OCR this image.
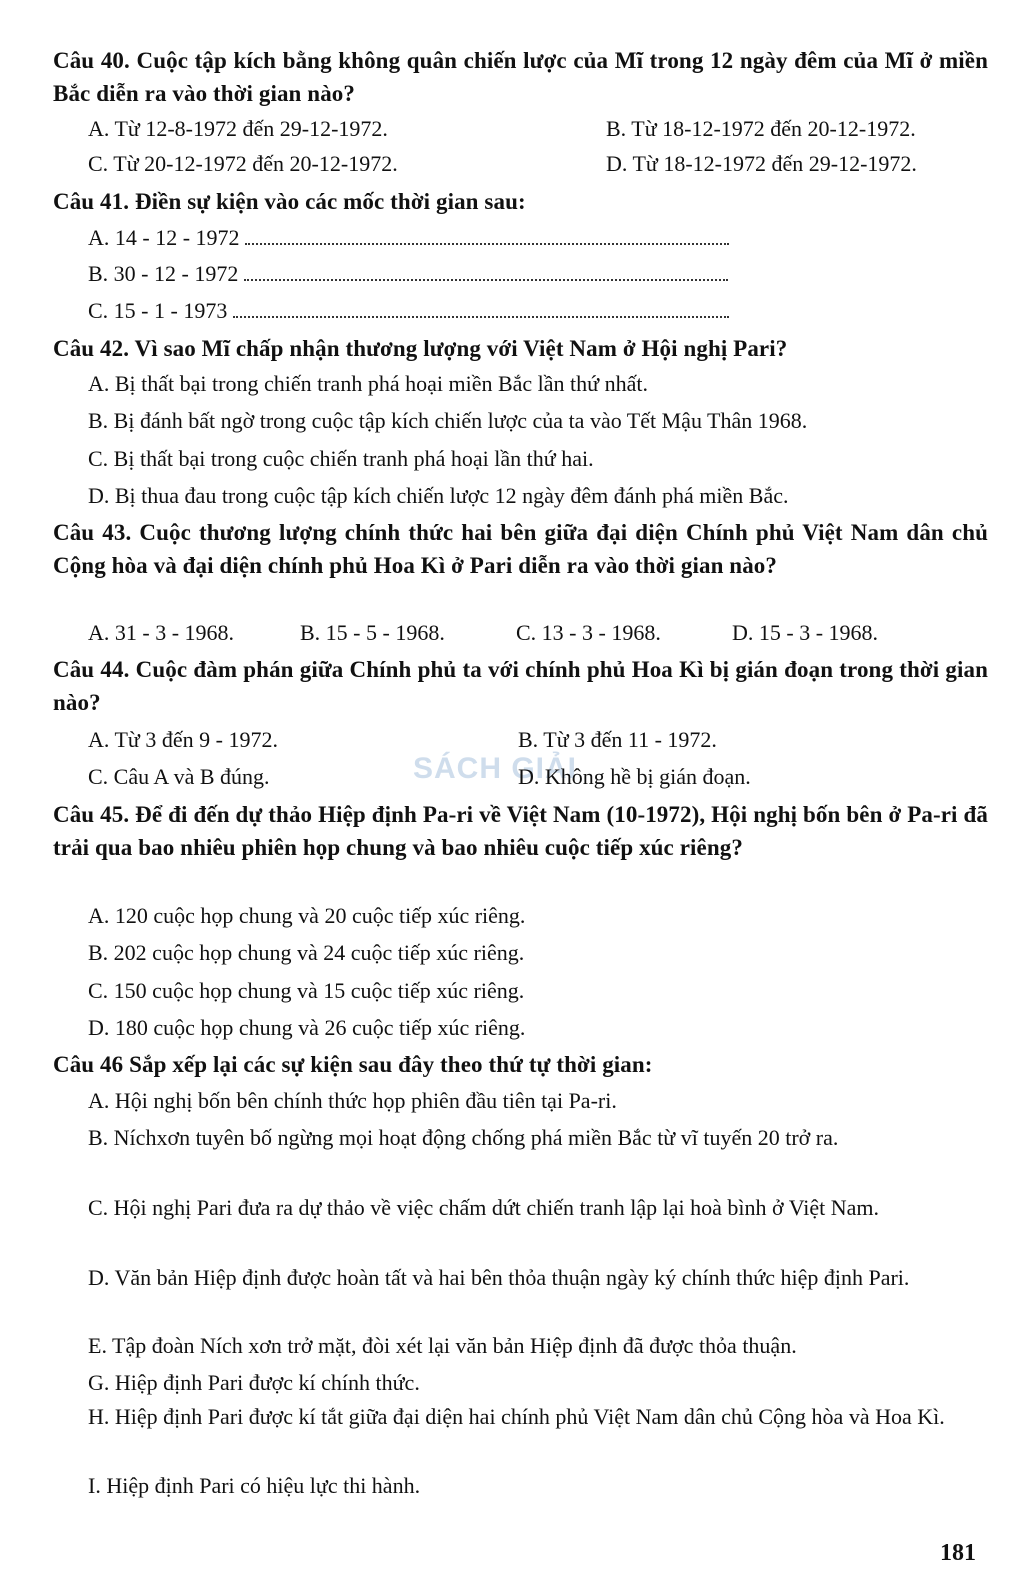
SÁCH GIẢI
Câu 40. Cuộc tập kích bằng không quân chiến lược của Mĩ trong 12 ngày đêm của Mĩ ở miền Bắc diễn ra vào thời gian nào?
A. Từ 12-8-1972 đến 29-12-1972.	B. Từ 18-12-1972 đến 20-12-1972.
C. Từ 20-12-1972 đến 20-12-1972.	D. Từ 18-12-1972 đến 29-12-1972.
Câu 41. Điền sự kiện vào các mốc thời gian sau:
A. 14 - 12 - 1972
B. 30 - 12 - 1972
C. 15 - 1 - 1973
Câu 42. Vì sao Mĩ chấp nhận thương lượng với Việt Nam ở Hội nghị Pari?
A. Bị thất bại trong chiến tranh phá hoại miền Bắc lần thứ nhất.
B. Bị đánh bất ngờ trong cuộc tập kích chiến lược của ta vào Tết Mậu Thân 1968.
C. Bị thất bại trong cuộc chiến tranh phá hoại lần thứ hai.
D. Bị thua đau trong cuộc tập kích chiến lược 12 ngày đêm đánh phá miền Bắc.
Câu 43. Cuộc thương lượng chính thức hai bên giữa đại diện Chính phủ Việt Nam dân chủ Cộng hòa và đại diện chính phủ Hoa Kì ở Pari diễn ra vào thời gian nào?
A. 31 - 3 - 1968.	B. 15 - 5 - 1968.	C. 13 - 3 - 1968.	D. 15 - 3 - 1968.
Câu 44. Cuộc đàm phán giữa Chính phủ ta với chính phủ Hoa Kì bị gián đoạn trong thời gian nào?
A. Từ 3 đến 9 - 1972.	B. Từ 3 đến 11 - 1972.
C. Câu A và B đúng.	D. Không hề bị gián đoạn.
Câu 45. Để đi đến dự thảo Hiệp định Pa-ri về Việt Nam (10-1972), Hội nghị bốn bên ở Pa-ri đã trải qua bao nhiêu phiên họp chung và bao nhiêu cuộc tiếp xúc riêng?
A. 120 cuộc họp chung và 20 cuộc tiếp xúc riêng.
B. 202 cuộc họp chung và 24 cuộc tiếp xúc riêng.
C. 150 cuộc họp chung và 15 cuộc tiếp xúc riêng.
D. 180 cuộc họp chung và 26 cuộc tiếp xúc riêng.
Câu 46 Sắp xếp lại các sự kiện sau đây theo thứ tự thời gian:
A. Hội nghị bốn bên chính thức họp phiên đầu tiên tại Pa-ri.
B. Níchxơn tuyên bố ngừng mọi hoạt động chống phá miền Bắc từ vĩ tuyến 20 trở ra.
C. Hội nghị Pari đưa ra dự thảo về việc chấm dứt chiến tranh lập lại hoà bình ở Việt Nam.
D. Văn bản Hiệp định được hoàn tất và hai bên thỏa thuận ngày ký chính thức hiệp định Pari.
E. Tập đoàn Ních xơn trở mặt, đòi xét lại văn bản Hiệp định đã được thỏa thuận.
G. Hiệp định Pari được kí chính thức.
H. Hiệp định Pari được kí tắt giữa đại diện hai chính phủ Việt Nam dân chủ Cộng hòa và Hoa Kì.
I. Hiệp định Pari có hiệu lực thi hành.
181
